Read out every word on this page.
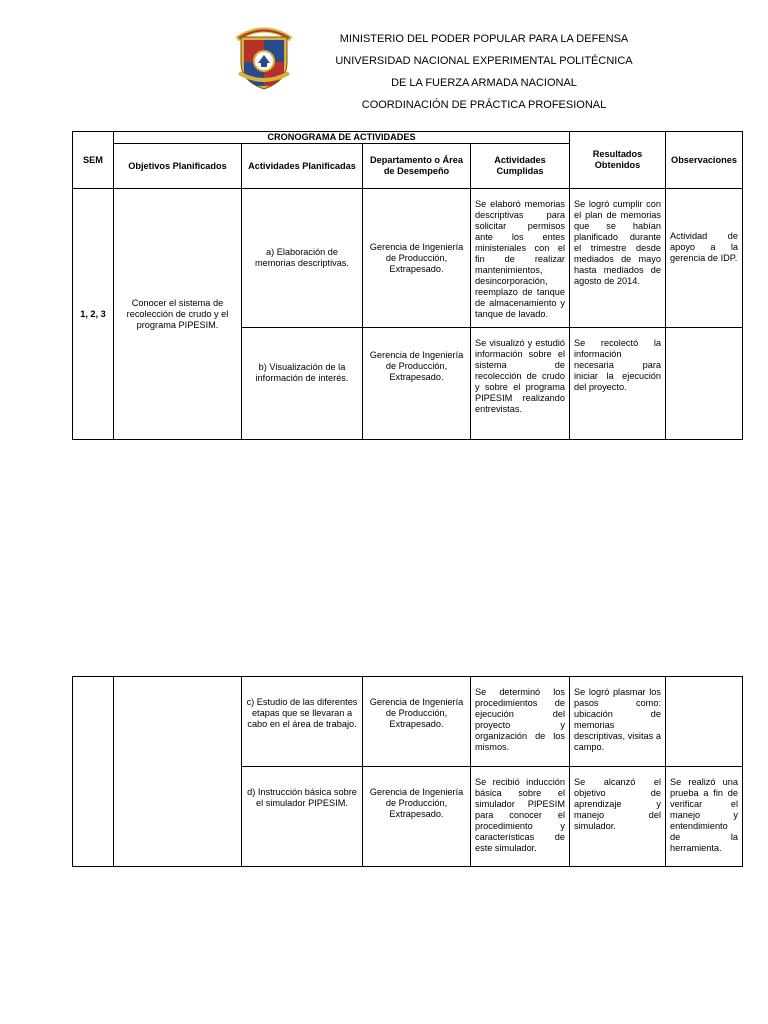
MINISTERIO DEL PODER POPULAR PARA LA DEFENSA
UNIVERSIDAD NACIONAL EXPERIMENTAL POLITÉCNICA
DE LA FUERZA ARMADA NACIONAL
COORDINACIÓN DE PRÁCTICA PROFESIONAL
SEM	CRONOGRAMA DE ACTIVIDADES				Resultados Obtenidos	Observaciones
	Objetivos Planificados	Actividades Planificadas	Departamento o Área de Desempeño	Actividades Cumplidas		
1, 2, 3	Conocer el sistema de recolección de crudo y el programa PIPESIM.	a) Elaboración de memorias descriptivas.	Gerencia de Ingeniería de Producción, Extrapesado.	Se elaboró memorias descriptivas para solicitar permisos ante los entes ministeriales con el fin de realizar mantenimientos, desincorporación, reemplazo de tanque de almacenamiento y tanque de lavado.	Se logró cumplir con el plan de memorias que se habían planificado durante el trimestre desde mediados de mayo hasta mediados de agosto de 2014.	Actividad de apoyo a la gerencia de IDP.
		b) Visualización de la información de interés.	Gerencia de Ingeniería de Producción, Extrapesado.	Se visualizó y estudió información sobre el sistema de recolección de crudo y sobre el programa PIPESIM realizando entrevistas.	Se recolectó la información necesaria para iniciar la ejecución del proyecto.	
		c) Estudio de las diferentes etapas que se llevaran a cabo en el área de trabajo.	Gerencia de Ingeniería de Producción, Extrapesado.	Se determinó los procedimientos de ejecución del proyecto y organización de los mismos.	Se logró plasmar los pasos como: ubicación de memorias descriptivas, visitas a campo.	
		d) Instrucción básica sobre el simulador PIPESIM.	Gerencia de Ingeniería de Producción, Extrapesado.	Se recibió inducción básica sobre el simulador PIPESIM para conocer el procedimiento y características de este simulador.	Se alcanzó el objetivo de aprendizaje y manejo del simulador.	Se realizó una prueba a fin de verificar el manejo y entendimiento de la herramienta.
